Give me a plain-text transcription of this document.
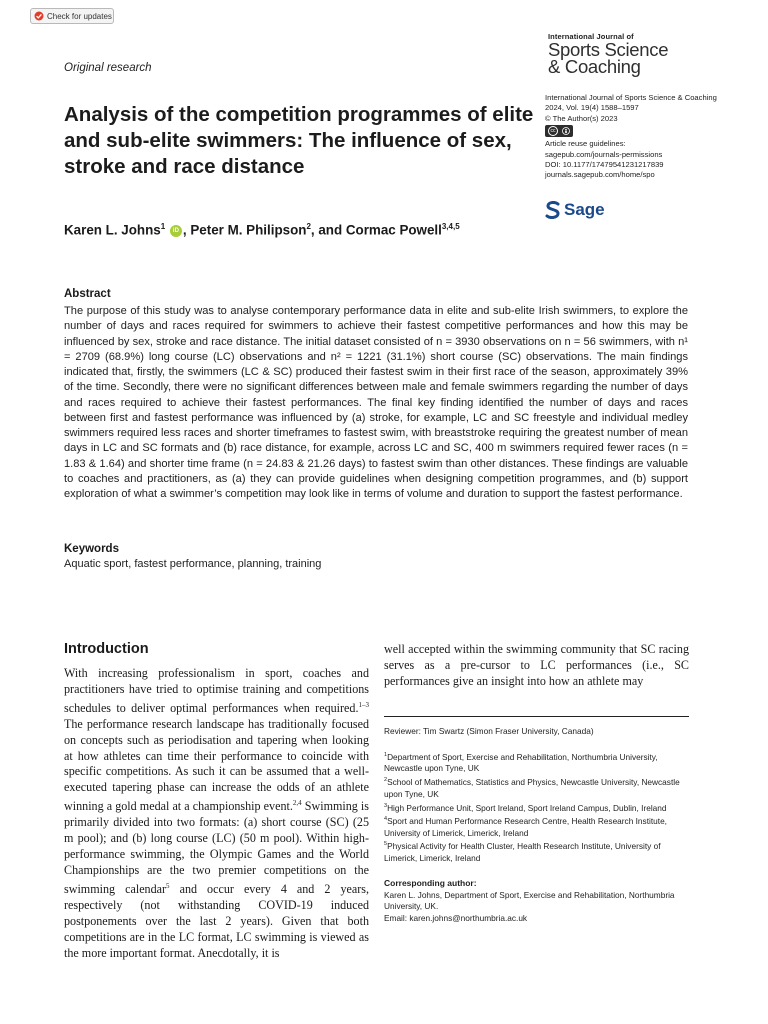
Check for updates
International Journal of
Sports Science
& Coaching
Original research
Analysis of the competition programmes of elite and sub-elite swimmers: The influence of sex, stroke and race distance
International Journal of Sports Science & Coaching
2024, Vol. 19(4) 1588–1597
© The Author(s) 2023
cc
Article reuse guidelines:
sagepub.com/journals-permissions
DOI: 10.1177/17479541231217839
journals.sagepub.com/home/spo
Sage
Karen L. Johns$^1$ iD , Peter M. Philipson$^2$, and Cormac Powell$^{3,4,5}$
Abstract
The purpose of this study was to analyse contemporary performance data in elite and sub-elite Irish swimmers, to explore the number of days and races required for swimmers to achieve their fastest competitive performances and how this may be influenced by sex, stroke and race distance. The initial dataset consisted of n = 3930 observations on n = 56 swimmers, with n¹ = 2709 (68.9%) long course (LC) observations and n² = 1221 (31.1%) short course (SC) observations. The main findings indicated that, firstly, the swimmers (LC & SC) produced their fastest swim in their first race of the season, approximately 39% of the time. Secondly, there were no significant differences between male and female swimmers regarding the number of days and races required to achieve their fastest performances. The final key finding identified the number of days and races between first and fastest performance was influenced by (a) stroke, for example, LC and SC freestyle and individual medley swimmers required less races and shorter timeframes to fastest swim, with breaststroke requiring the greatest number of mean days in LC and SC formats and (b) race distance, for example, across LC and SC, 400 m swimmers required fewer races (n = 1.83 & 1.64) and shorter time frame (n = 24.83 & 21.26 days) to fastest swim than other distances. These findings are valuable to coaches and practitioners, as (a) they can provide guidelines when designing competition programmes, and (b) support exploration of what a swimmer’s competition may look like in terms of volume and duration to support the fastest performance.
Keywords
Aquatic sport, fastest performance, planning, training
Introduction
With increasing professionalism in sport, coaches and practitioners have tried to optimise training and competitions schedules to deliver optimal performances when required.$^{1-3}$ The performance research landscape has traditionally focused on concepts such as periodisation and tapering when looking at how athletes can time their performance to coincide with specific competitions. As such it can be assumed that a well-executed tapering phase can increase the odds of an athlete winning a gold medal at a championship event.$^{2,4}$ Swimming is primarily divided into two formats: (a) short course (SC) (25 m pool); and (b) long course (LC) (50 m pool). Within high-performance swimming, the Olympic Games and the World Championships are the two premier competitions on the swimming calendar$^5$ and occur every 4 and 2 years, respectively (not withstanding COVID-19 induced postponements over the last 2 years). Given that both competitions are in the LC format, LC swimming is viewed as the more important format. Anecdotally, it is
well accepted within the swimming community that SC racing serves as a pre-cursor to LC performances (i.e., SC performances give an insight into how an athlete may

Reviewer: Tim Swartz (Simon Fraser University, Canada)

$^1$Department of Sport, Exercise and Rehabilitation, Northumbria University, Newcastle upon Tyne, UK

$^2$School of Mathematics, Statistics and Physics, Newcastle University, Newcastle upon Tyne, UK

$^3$High Performance Unit, Sport Ireland, Sport Ireland Campus, Dublin, Ireland

$^4$Sport and Human Performance Research Centre, Health Research Institute, University of Limerick, Limerick, Ireland

$^5$Physical Activity for Health Cluster, Health Research Institute, University of Limerick, Limerick, Ireland

Corresponding author:

Karen L. Johns, Department of Sport, Exercise and Rehabilitation, Northumbria University, UK.

Email: karen.johns@northumbria.ac.uk
